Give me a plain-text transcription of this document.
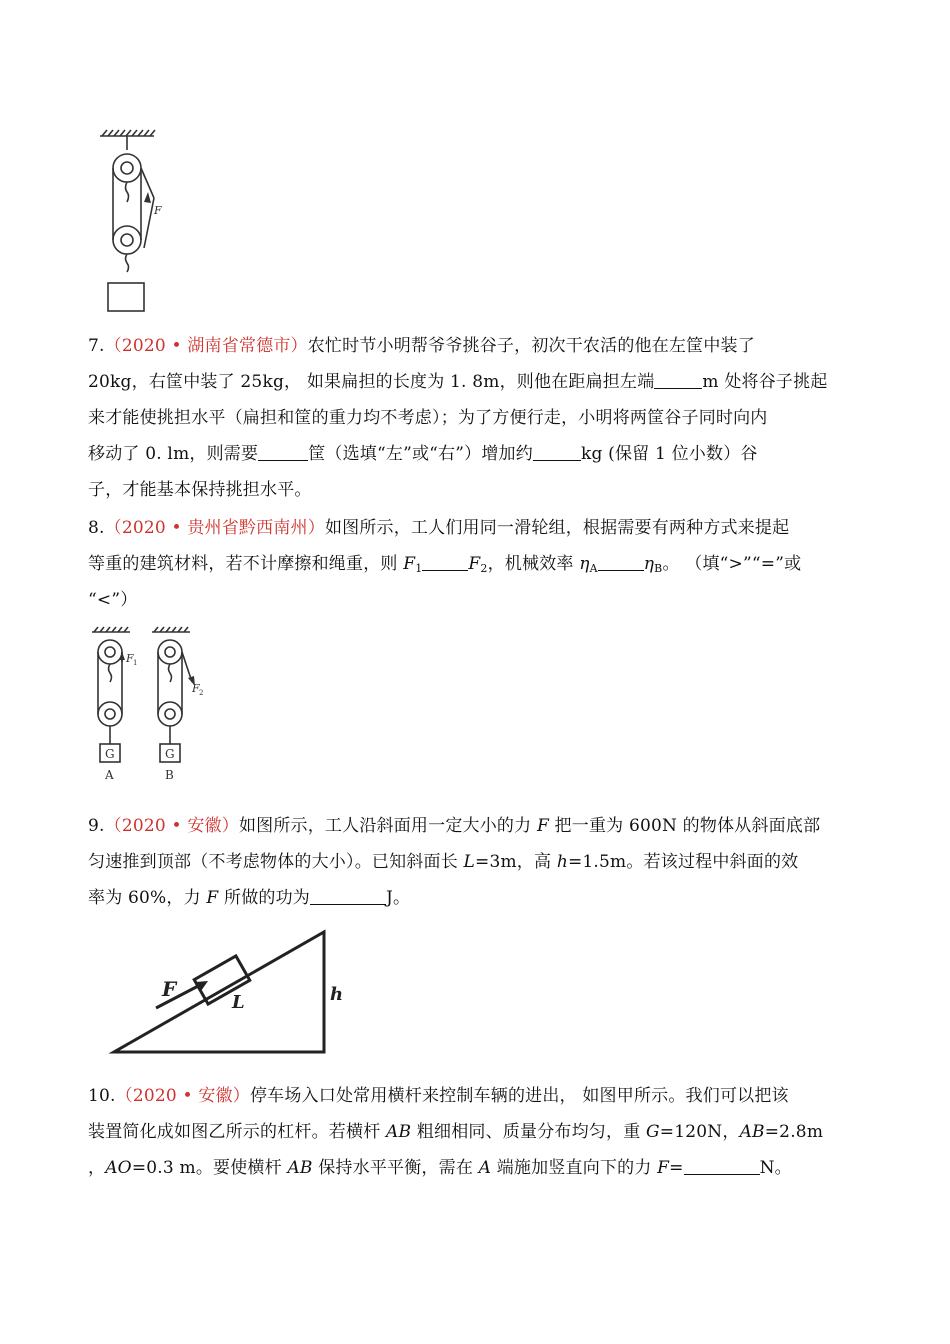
F
7.（2020 • 湖南省常德市）农忙时节小明帮爷爷挑谷子，初次干农活的他在左筐中装了
20kg，右筐中装了 25kg， 如果扁担的长度为 1. 8m，则他在距扁担左端	m 处将谷子挑起
来才能使挑担水平（扁担和筐的重力均不考虑）；为了方便行走，小明将两筐谷子同时向内
移动了 0. lm，则需要	筐（选填“左”或“右”）增加约	kg (保留 1 位小数）谷
子，才能基本保持挑担水平。
8.（2020 • 贵州省黔西南州）如图所示，工人们用同一滑轮组，根据需要有两种方式来提起
等重的建筑材料，若不计摩擦和绳重，则 $F_1$	$F_2$，机械效率 $\eta_A$	$\eta_B$。 （填“>”“=”或
“<”）
F 1
F 2
G	G
A	B
9.（2020 • 安徽）如图所示，工人沿斜面用一定大小的力 F 把一重为 600N 的物体从斜面底部
匀速推到顶部（不考虑物体的大小）。已知斜面长 L=3m，高 h=1.5m。若该过程中斜面的效
率为 60%，力 F 所做的功为	J。
F
L	h
10.（2020 • 安徽）停车场入口处常用横杆来控制车辆的进出， 如图甲所示。我们可以把该
装置简化成如图乙所示的杠杆。若横杆 AB 粗细相同、质量分布均匀，重 G=120N，AB=2.8m
，AO=0.3 m。要使横杆 AB 保持水平平衡，需在 A 端施加竖直向下的力 F=	N。
